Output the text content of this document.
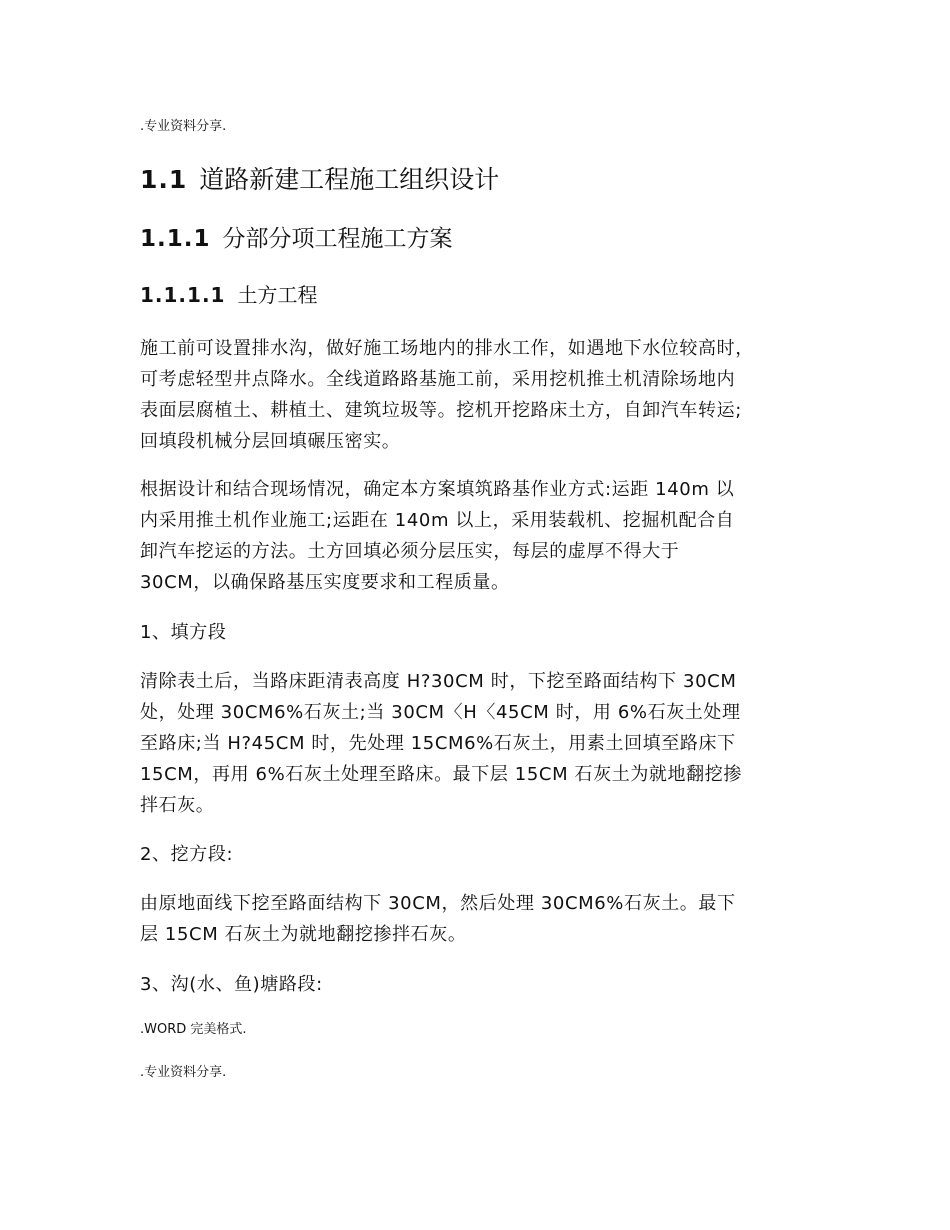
.专业资料分享.
1.1 道路新建工程施工组织设计
1.1.1 分部分项工程施工方案
1.1.1.1 土方工程
施工前可设置排水沟，做好施工场地内的排水工作，如遇地下水位较高时，
可考虑轻型井点降水。全线道路路基施工前，采用挖机推土机清除场地内
表面层腐植土、耕植土、建筑垃圾等。挖机开挖路床土方，自卸汽车转运;
回填段机械分层回填碾压密实。
根据设计和结合现场情况，确定本方案填筑路基作业方式:运距 140m 以
内采用推土机作业施工;运距在 140m 以上，采用装载机、挖掘机配合自
卸汽车挖运的方法。土方回填必须分层压实，每层的虚厚不得大于
30CM，以确保路基压实度要求和工程质量。
1、填方段
清除表土后，当路床距清表高度 H?30CM 时，下挖至路面结构下 30CM
处，处理 30CM6%石灰土;当 30CM〈H〈45CM 时，用 6%石灰土处理
至路床;当 H?45CM 时，先处理 15CM6%石灰土，用素土回填至路床下
15CM，再用 6%石灰土处理至路床。最下层 15CM 石灰土为就地翻挖掺
拌石灰。
2、挖方段:
由原地面线下挖至路面结构下 30CM，然后处理 30CM6%石灰土。最下
层 15CM 石灰土为就地翻挖掺拌石灰。
3、沟(水、鱼)塘路段:
.WORD 完美格式.
.专业资料分享.
